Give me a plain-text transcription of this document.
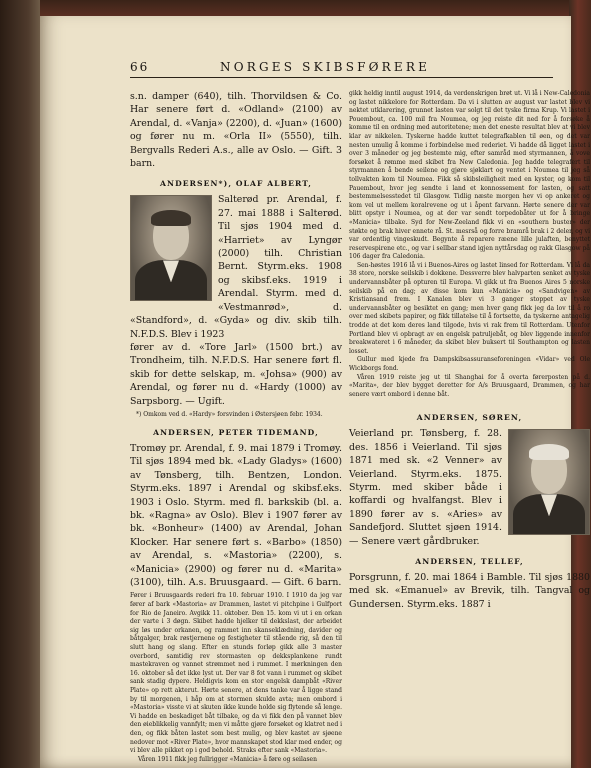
66	NORGES SKIBSFØRERE

s.n. damper (640), tilh. Thorvildsen & Co. Har senere ført d. «Odland» (2100) av Arendal, d. «Vanja» (2200), d. «Juan» (1600) og fører nu m. «Orla II» (5550), tilh. Bergvalls Rederi A.s., alle av Oslo. — Gift. 3 barn.

ANDERSEN*), OLAF ALBERT,

Salterød pr. Arendal, f. 27. mai 1888 i Salterød. Til sjøs 1904 med d. «Harriet» av Lyngør (2000) tilh. Christian Bernt. Styrm.eks. 1908 og skibsf.eks. 1919 i Arendal. Styrm. med d. «Vestmanrød», d. «Standford», d. «Gyda» og div. skib tilh. N.F.D.S. Blev i 1923

fører av d. «Tore Jarl» (1500 brt.) av Trondheim, tilh. N.F.D.S. Har senere ført fl. skib for dette selskap, m. «Johsa» (900) av Arendal, og fører nu d. «Hardy (1000) av Sarpsborg. — Ugift.

*) Omkom ved d. «Hardy» forsvinden i Østersjøen febr. 1934.

ANDERSEN, PETER TIDEMAND,

Tromøy pr. Arendal, f. 9. mai 1879 i Tromøy. Til sjøs 1894 med bk. «Lady Gladys» (1600) av Tønsberg, tilh. Bentzen, London. Styrm.eks. 1897 i Arendal og skibsf.eks. 1903 i Oslo. Styrm. med fl. barkskib (bl. a. bk. «Ragna» av Oslo). Blev i 1907 fører av bk. «Bonheur» (1400) av Arendal, Johan Klocker. Har senere ført s. «Barbo» (1850) av Arendal, s. «Mastoria» (2200), s. «Manicia» (2900) og fører nu d. «Marita» (3100), tilh. A.s. Bruusgaard. — Gift. 6 barn.

Fører i Bruusgaards rederi fra 10. februar 1910. I 1910 da jeg var fører af bark «Mastoria» av Drammen, lastet vi pitchpine i Gulfport for Rio de Janeiro. Avgikk 11. oktober. Den 15. kom vi ut i en orkan der varte i 3 døgn. Skibet hadde hjelker til dekkslast, der arbeidet sig løs under orkanen, og rammet inn skanseklædning, davider og båtgalger, brak røstjernene og festigheter til stående rig, så den til slutt hang og slang. Efter en stunds forløp gikk alle 3 master overbord, samtidig rev stormasten op dekksplankene rundt mastekraven og vannet strømmet ned i rummet. I mørkningen den 16. oktober så det ikke lyst ut. Der var 8 fot vann i rummet og skibet sank stadig dypere. Heldigvis kom en stor engelsk dampbåt «River Plate» op rett akterut. Hørte senere, at dens tanke var å ligge stand by til morgenen, i håp om at stormen skulde avta; men ombord i «Mastoria» visste vi at skuten ikke kunde holde sig flytende så lenge. Vi hadde en beskadiget båt tilbake, og da vi fikk den på vannet blev den øieblikkelig vannfylt; men vi måtte gjøre forsøket og klatret ned i den, og fikk båten lastet som best mulig, og blev kastet av sjøene nedover mot «River Plate», hvor mannskapet stod klar med ender, og vi blev alle pikket op i god behold. Straks efter sank «Mastoria».

Våren 1911 fikk jeg fullrigger «Manicia» å føre og seilasen

gikk heldig inntil august 1914, da verdenskrigen brøt ut. Vi lå i New-Caledonia og lastet nikkelore for Rotterdam. Da vi i slutten av august var lastet blev vi nektet utklarering, grunnet lasten var solgt til det tyske firma Krup. Vi lastet i Pouembout, ca. 100 mil fra Noumea, og jeg reiste dit ned for å forsøke å komme til en ordning med autoritetene; men det eneste resultat blev at vi blev klar av nikkelen. Tyskerne hadde kuttet telegrafkablen til øen, og det var nesten umulig å komme i forbindelse med rederiet. Vi hadde då ligget lastet i over 3 måneder og jeg bestemte mig, efter samråd med styrmannen, å vove forsøket å rømme med skibet fra New Caledonia. Jeg hadde telegrafert til styrmannen å bende seilene og gjøre sjøklart og ventet i Noumea til jeg så tollvakten kom til Noumea. Fikk så skibsleiligheit med en kyster, og kom til Pauembout, hvor jeg sendte i land et konnossement for lasten, og satt bestemmelsesstedet til Glasgow. Tidlig næste morgen hev vi op ankeret og kom vel ut mellem koralrevene og ut i åpent farvann. Hørte senere der var blitt opstyr i Noumea, og at der var sendt torpedobåter ut for å bringe «Manicia» tilbake. Syd for New-Zeeland fikk vi en «southern buster» der støkte og brak hiver ennete rå. St. mesrså og forre bramrå brak i 2 deler, og vi var ordentlig vingeskudt. Begynte å reparere ræene lille julaften, benyttet reservespirene etc., og var i sellbar stand igjen nyttårsdag og rakk Glasgow på 106 dager fra Caledonia.

Sen-høstes 1916 lå vi i Buenos-Aires og lastet linsed for Rotterdam. Vi lå da 38 store, norske seilskib i dokkene. Dessverre blev halvparten senket av tyske undervannsbåter på opturen til Europa. Vi gikk ut fra Buenos Aires 5 norske seilskib på en dag; av disse kom kun «Manicia» og «Sandvigen» av Kristiansand frem. I Kanalen blev vi 3 ganger stoppet av tyske undervannsbåter og besiktet en gang; men hver gang fikk jeg da lov til å ro over med skibets papirer, og fikk tillatelse til å fortsette, da tyskerne antagelig trodde at det kom deres land tilgode, hvis vi rak frem til Rotterdam. Utenfor Portland blev vi opbragt av en engelsk patruljebåt, og blev liggende innenfor breakwateret i 6 måneder, da skibet blev buksert til Southampton og lasten losset.

Gullur med kjede fra Dampskibsassuranseforeningen «Vidar» ved Ole Wickborgs fond.

Våren 1919 reiste jeg ut til Shanghai for å overta førerposten på d. «Marita», der blev bygget deretter for A/s Bruusgaard, Drammen, og har senere vært ombord i denne båt.

ANDERSEN, SØREN,

Veierland pr. Tønsberg, f. 28. des. 1856 i Veierland. Til sjøs 1871 med sk. «2 Venner» av Veierland. Styrm.eks. 1875. Styrm. med skiber både i koffardi og hvalfangst. Blev i 1890 fører av s. «Aries» av Sandefjord. Sluttet sjøen 1914. — Senere vært gårdbruker.

ANDERSEN, TELLEF,

Porsgrunn, f. 20. mai 1864 i Bamble. Til sjøs 1880 med sk. «Emanuel» av Brevik, tilh. Tangval og Gundersen. Styrm.eks. 1887 i
